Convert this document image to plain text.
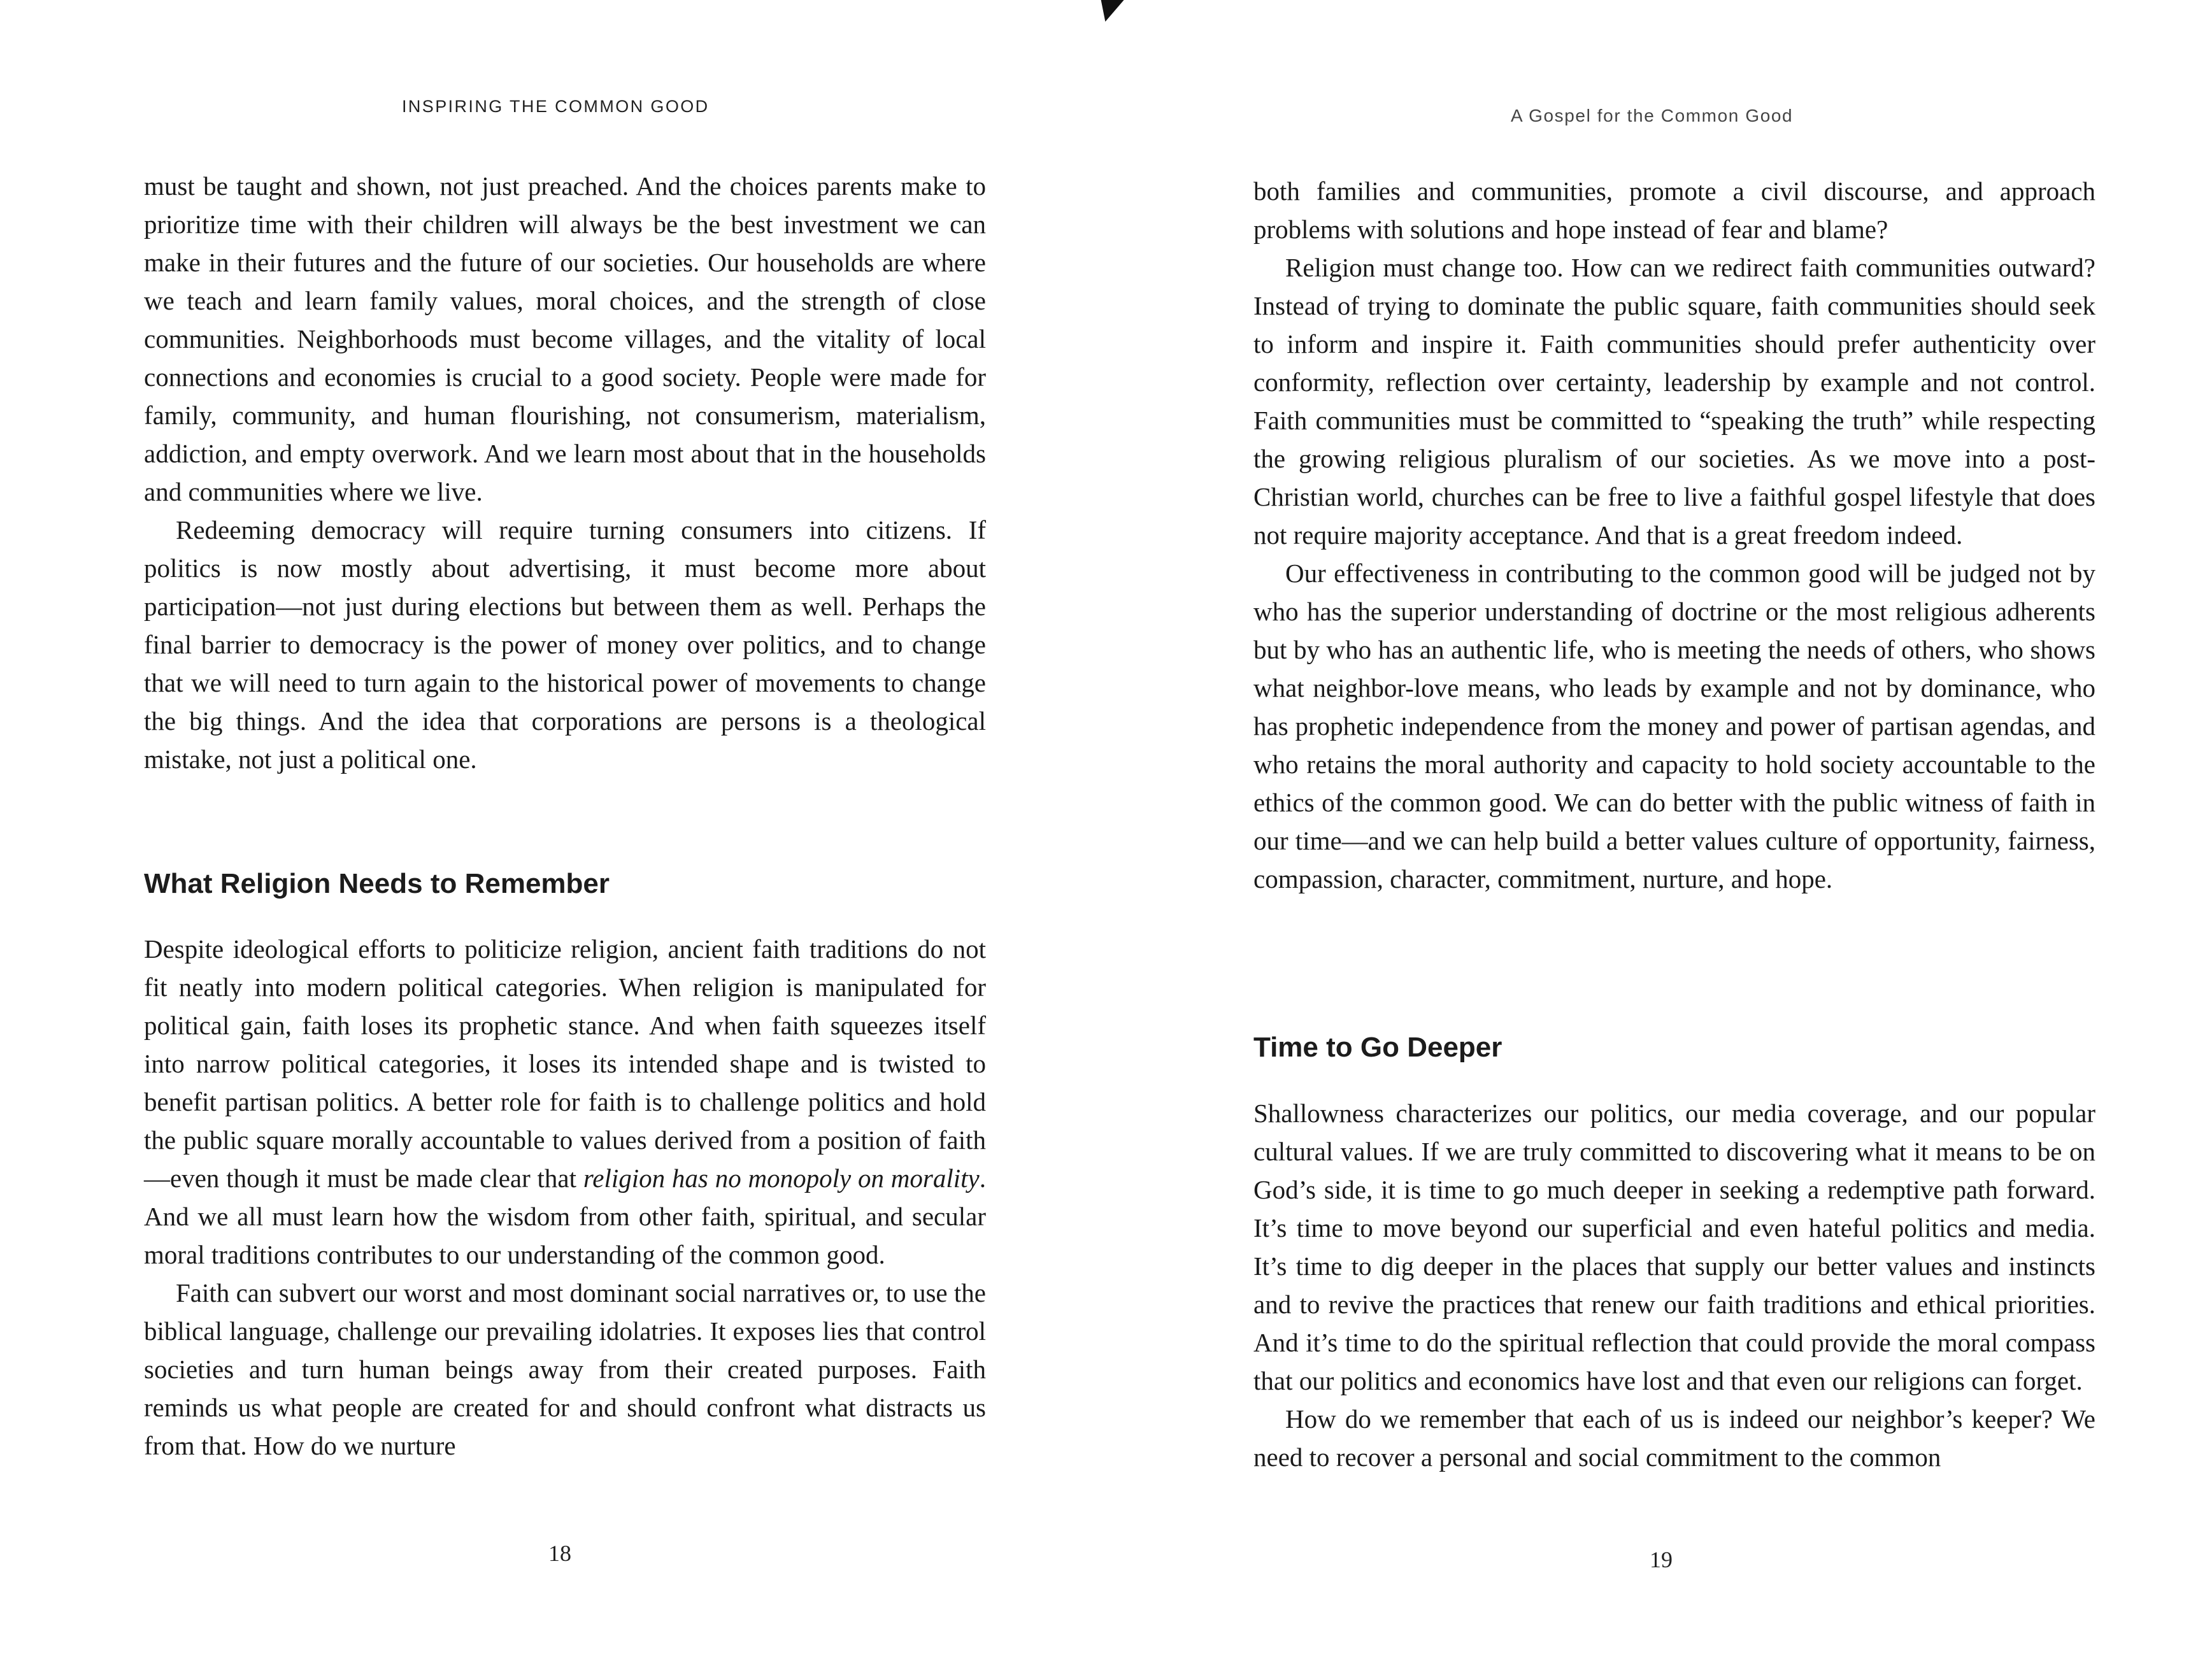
INSPIRING THE COMMON GOOD

must be taught and shown, not just preached. And the choices parents make to prioritize time with their children will always be the best investment we can make in their futures and the future of our societies. Our households are where we teach and learn family values, moral choices, and the strength of close communities. Neighborhoods must become villages, and the vitality of local connections and economies is crucial to a good society. People were made for family, community, and human flourishing, not consumerism, materialism, addiction, and empty overwork. And we learn most about that in the households and communities where we live.

Redeeming democracy will require turning consumers into citizens. If politics is now mostly about advertising, it must become more about participation—not just during elections but between them as well. Perhaps the final barrier to democracy is the power of money over politics, and to change that we will need to turn again to the historical power of movements to change the big things. And the idea that corporations are persons is a theological mistake, not just a political one.

What Religion Needs to Remember

Despite ideological efforts to politicize religion, ancient faith traditions do not fit neatly into modern political categories. When religion is manipulated for political gain, faith loses its prophetic stance. And when faith squeezes itself into narrow political categories, it loses its intended shape and is twisted to benefit partisan politics. A better role for faith is to challenge politics and hold the public square morally accountable to values derived from a position of faith—even though it must be made clear that religion has no monopoly on morality. And we all must learn how the wisdom from other faith, spiritual, and secular moral traditions contributes to our understanding of the common good.

Faith can subvert our worst and most dominant social narratives or, to use the biblical language, challenge our prevailing idolatries. It exposes lies that control societies and turn human beings away from their created purposes. Faith reminds us what people are created for and should confront what distracts us from that. How do we nurture

18
A Gospel for the Common Good

both families and communities, promote a civil discourse, and approach problems with solutions and hope instead of fear and blame?

Religion must change too. How can we redirect faith communities outward? Instead of trying to dominate the public square, faith communities should seek to inform and inspire it. Faith communities should prefer authenticity over conformity, reflection over certainty, leadership by example and not control. Faith communities must be committed to “speaking the truth” while respecting the growing religious pluralism of our societies. As we move into a post-Christian world, churches can be free to live a faithful gospel lifestyle that does not require majority acceptance. And that is a great freedom indeed.

Our effectiveness in contributing to the common good will be judged not by who has the superior understanding of doctrine or the most religious adherents but by who has an authentic life, who is meeting the needs of others, who shows what neighbor-love means, who leads by example and not by dominance, who has prophetic independence from the money and power of partisan agendas, and who retains the moral authority and capacity to hold society accountable to the ethics of the common good. We can do better with the public witness of faith in our time—and we can help build a better values culture of opportunity, fairness, compassion, character, commitment, nurture, and hope.

Time to Go Deeper

Shallowness characterizes our politics, our media coverage, and our popular cultural values. If we are truly committed to discovering what it means to be on God’s side, it is time to go much deeper in seeking a redemptive path forward. It’s time to move beyond our superficial and even hateful politics and media. It’s time to dig deeper in the places that supply our better values and instincts and to revive the practices that renew our faith traditions and ethical priorities. And it’s time to do the spiritual reflection that could provide the moral compass that our politics and economics have lost and that even our religions can forget.

How do we remember that each of us is indeed our neighbor’s keeper? We need to recover a personal and social commitment to the common

19
